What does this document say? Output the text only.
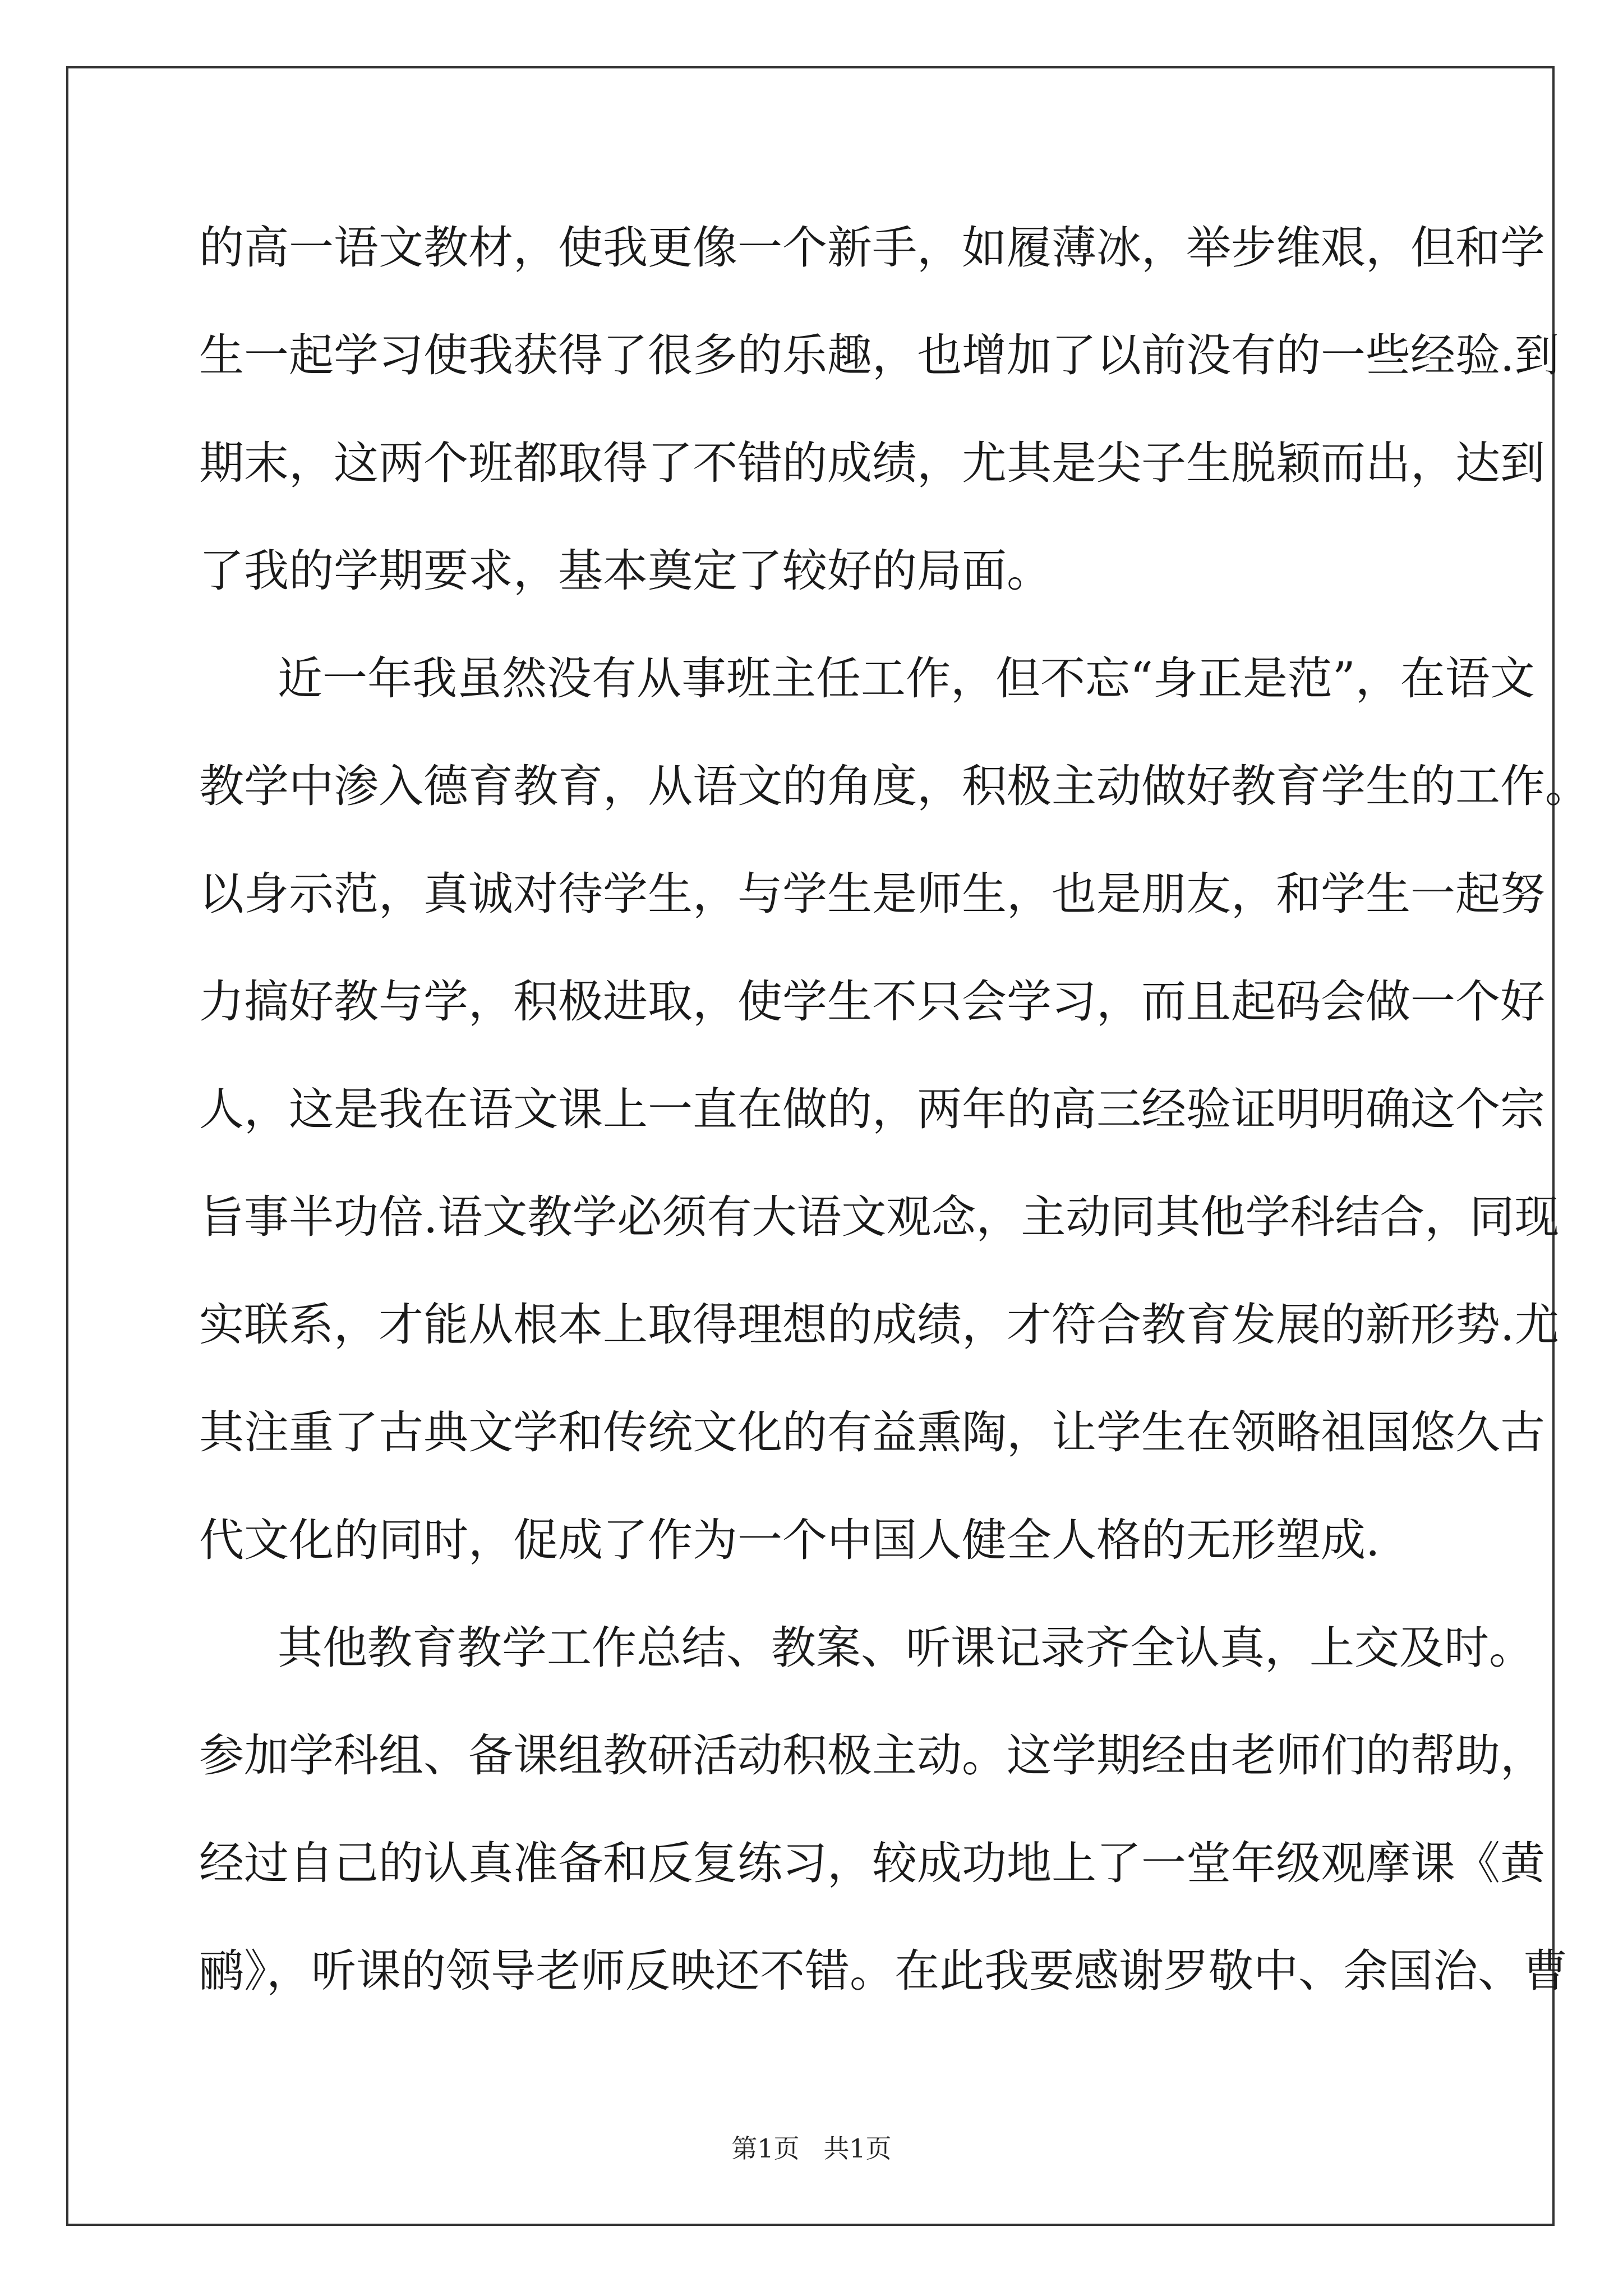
的高一语文教材，使我更像一个新手，如履薄冰，举步维艰，但和学
生一起学习使我获得了很多的乐趣，也增加了以前没有的一些经验.到
期末，这两个班都取得了不错的成绩，尤其是尖子生脱颖而出，达到
了我的学期要求，基本奠定了较好的局面。
近一年我虽然没有从事班主任工作，但不忘“身正是范”，在语文
教学中渗入德育教育，从语文的角度，积极主动做好教育学生的工作。
以身示范，真诚对待学生，与学生是师生，也是朋友，和学生一起努
力搞好教与学，积极进取，使学生不只会学习，而且起码会做一个好
人，这是我在语文课上一直在做的，两年的高三经验证明明确这个宗
旨事半功倍.语文教学必须有大语文观念，主动同其他学科结合，同现
实联系，才能从根本上取得理想的成绩，才符合教育发展的新形势.尤
其注重了古典文学和传统文化的有益熏陶，让学生在领略祖国悠久古
代文化的同时，促成了作为一个中国人健全人格的无形塑成.
其他教育教学工作总结、教案、听课记录齐全认真，上交及时。
参加学科组、备课组教研活动积极主动。这学期经由老师们的帮助，
经过自己的认真准备和反复练习，较成功地上了一堂年级观摩课《黄
鹂》，听课的领导老师反映还不错。在此我要感谢罗敬中、余国治、曹
第1页 共1页
